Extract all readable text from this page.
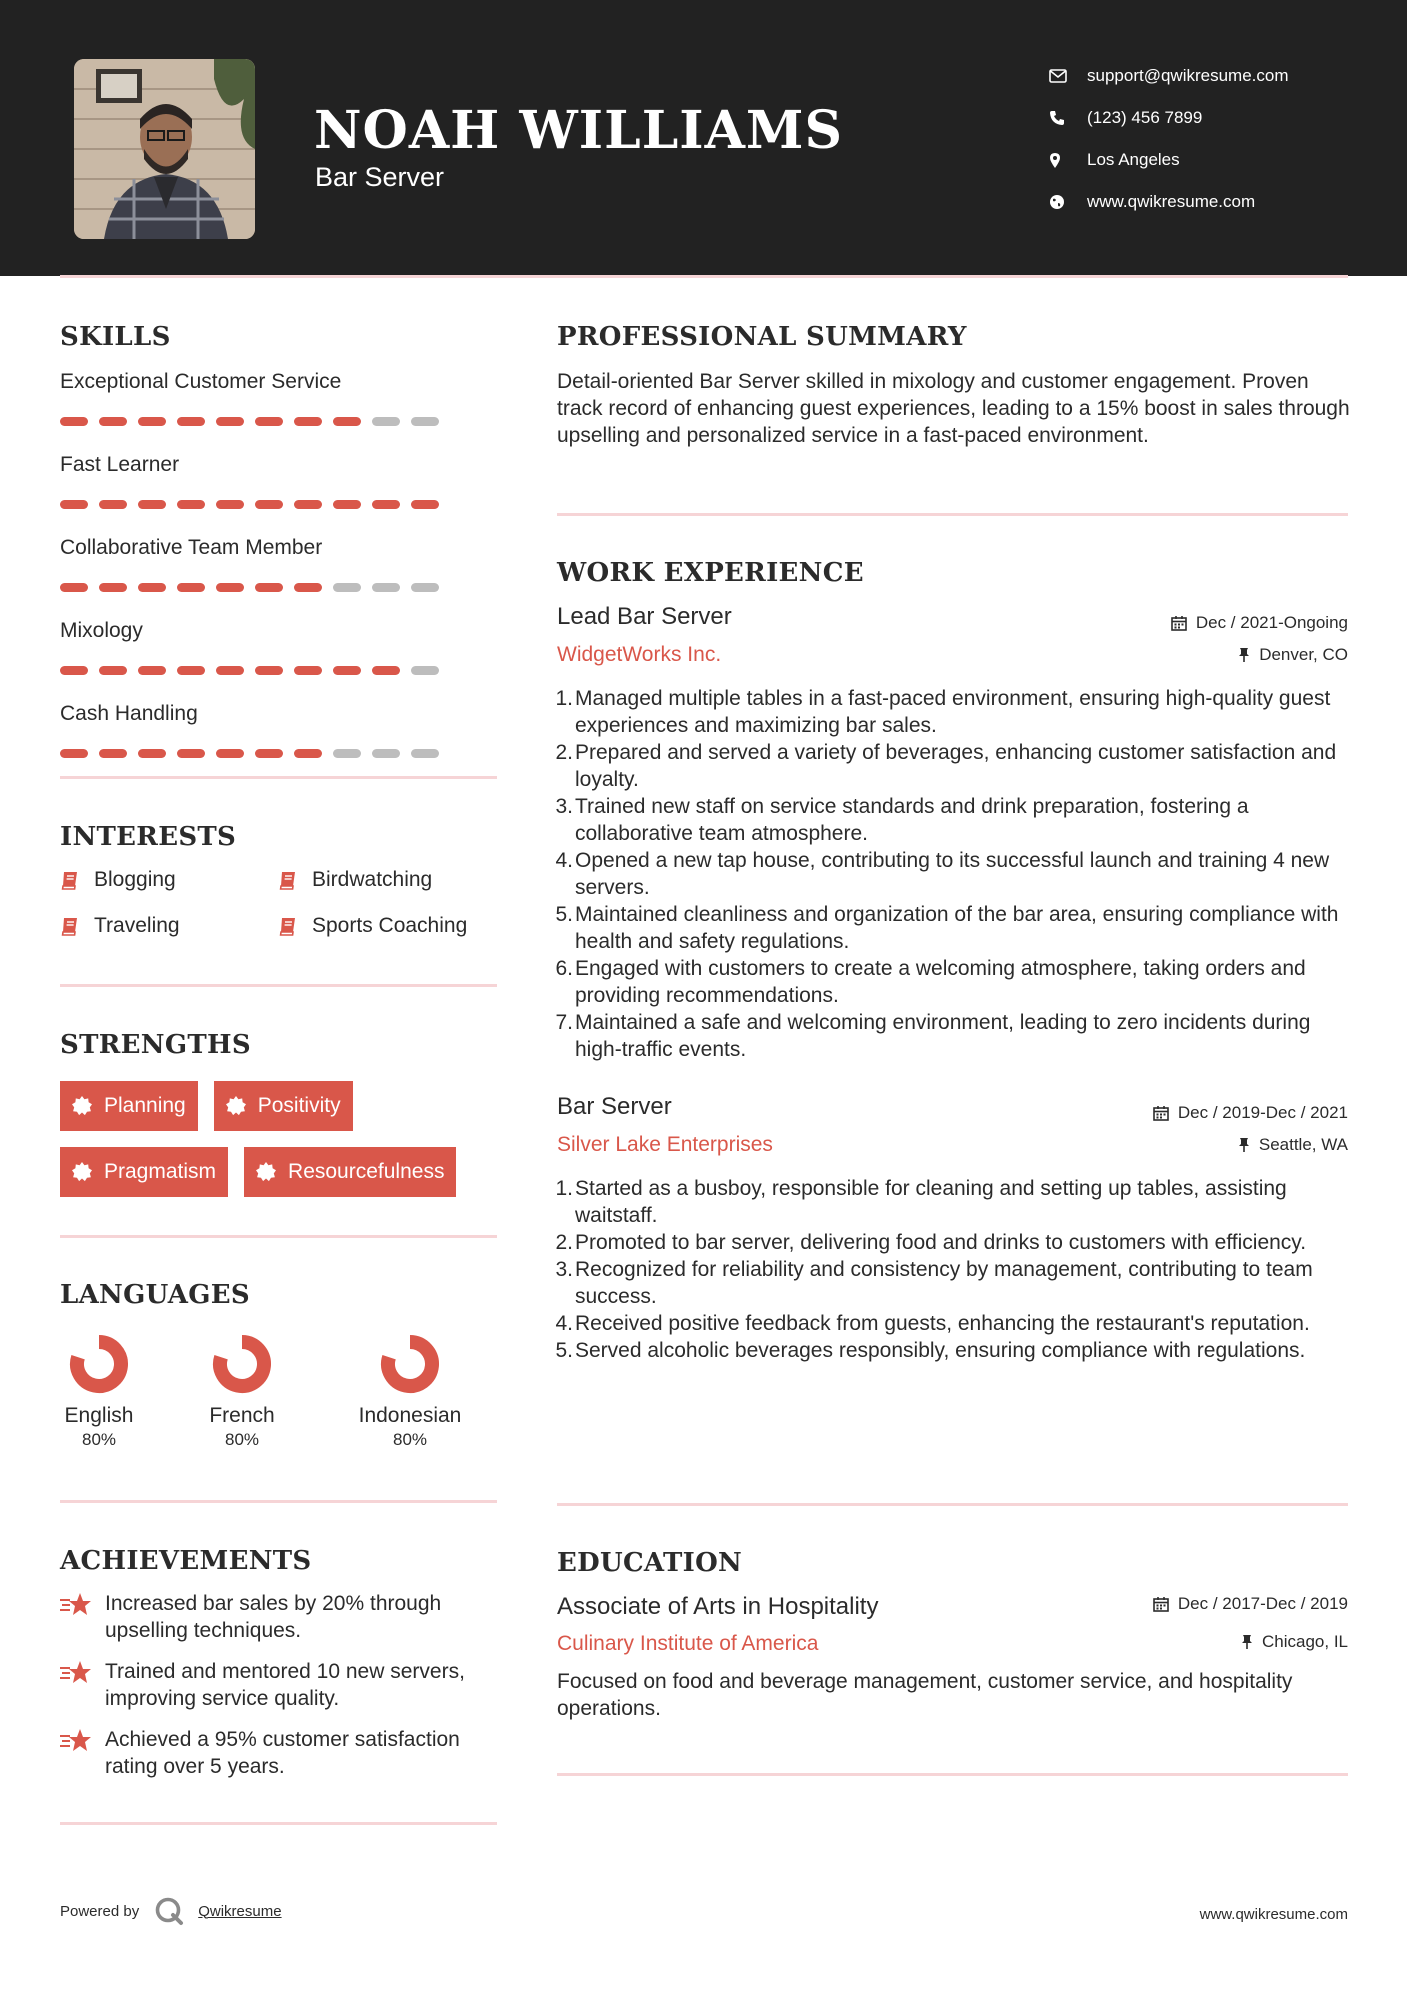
NOAH WILLIAMS
Bar Server
support@qwikresume.com
(123) 456 7899
Los Angeles
www.qwikresume.com
SKILLS
Exceptional Customer Service
Fast Learner
Collaborative Team Member
Mixology
Cash Handling
INTERESTS
Blogging	Birdwatching
Traveling	Sports Coaching
STRENGTHS
Planning	Positivity
Pragmatism	Resourcefulness
LANGUAGES
English
80%
French
80%
Indonesian
80%
ACHIEVEMENTS
Increased bar sales by 20% through upselling techniques.
Trained and mentored 10 new servers, improving service quality.
Achieved a 95% customer satisfaction rating over 5 years.
PROFESSIONAL SUMMARY
Detail-oriented Bar Server skilled in mixology and customer engagement. Proven track record of enhancing guest experiences, leading to a 15% boost in sales through upselling and personalized service in a fast-paced environment.
WORK EXPERIENCE
Lead Bar Server
WidgetWorks Inc.
Dec / 2021-Ongoing
Denver, CO
1. Managed multiple tables in a fast-paced environment, ensuring high-quality guest experiences and maximizing bar sales.
2. Prepared and served a variety of beverages, enhancing customer satisfaction and loyalty.
3. Trained new staff on service standards and drink preparation, fostering a collaborative team atmosphere.
4. Opened a new tap house, contributing to its successful launch and training 4 new servers.
5. Maintained cleanliness and organization of the bar area, ensuring compliance with health and safety regulations.
6. Engaged with customers to create a welcoming atmosphere, taking orders and providing recommendations.
7. Maintained a safe and welcoming environment, leading to zero incidents during high-traffic events.
Bar Server
Silver Lake Enterprises
Dec / 2019-Dec / 2021
Seattle, WA
1. Started as a busboy, responsible for cleaning and setting up tables, assisting waitstaff.
2. Promoted to bar server, delivering food and drinks to customers with efficiency.
3. Recognized for reliability and consistency by management, contributing to team success.
4. Received positive feedback from guests, enhancing the restaurant's reputation.
5. Served alcoholic beverages responsibly, ensuring compliance with regulations.
EDUCATION
Associate of Arts in Hospitality
Culinary Institute of America
Dec / 2017-Dec / 2019
Chicago, IL
Focused on food and beverage management, customer service, and hospitality operations.
Powered by	Qwikresume	www.qwikresume.com
